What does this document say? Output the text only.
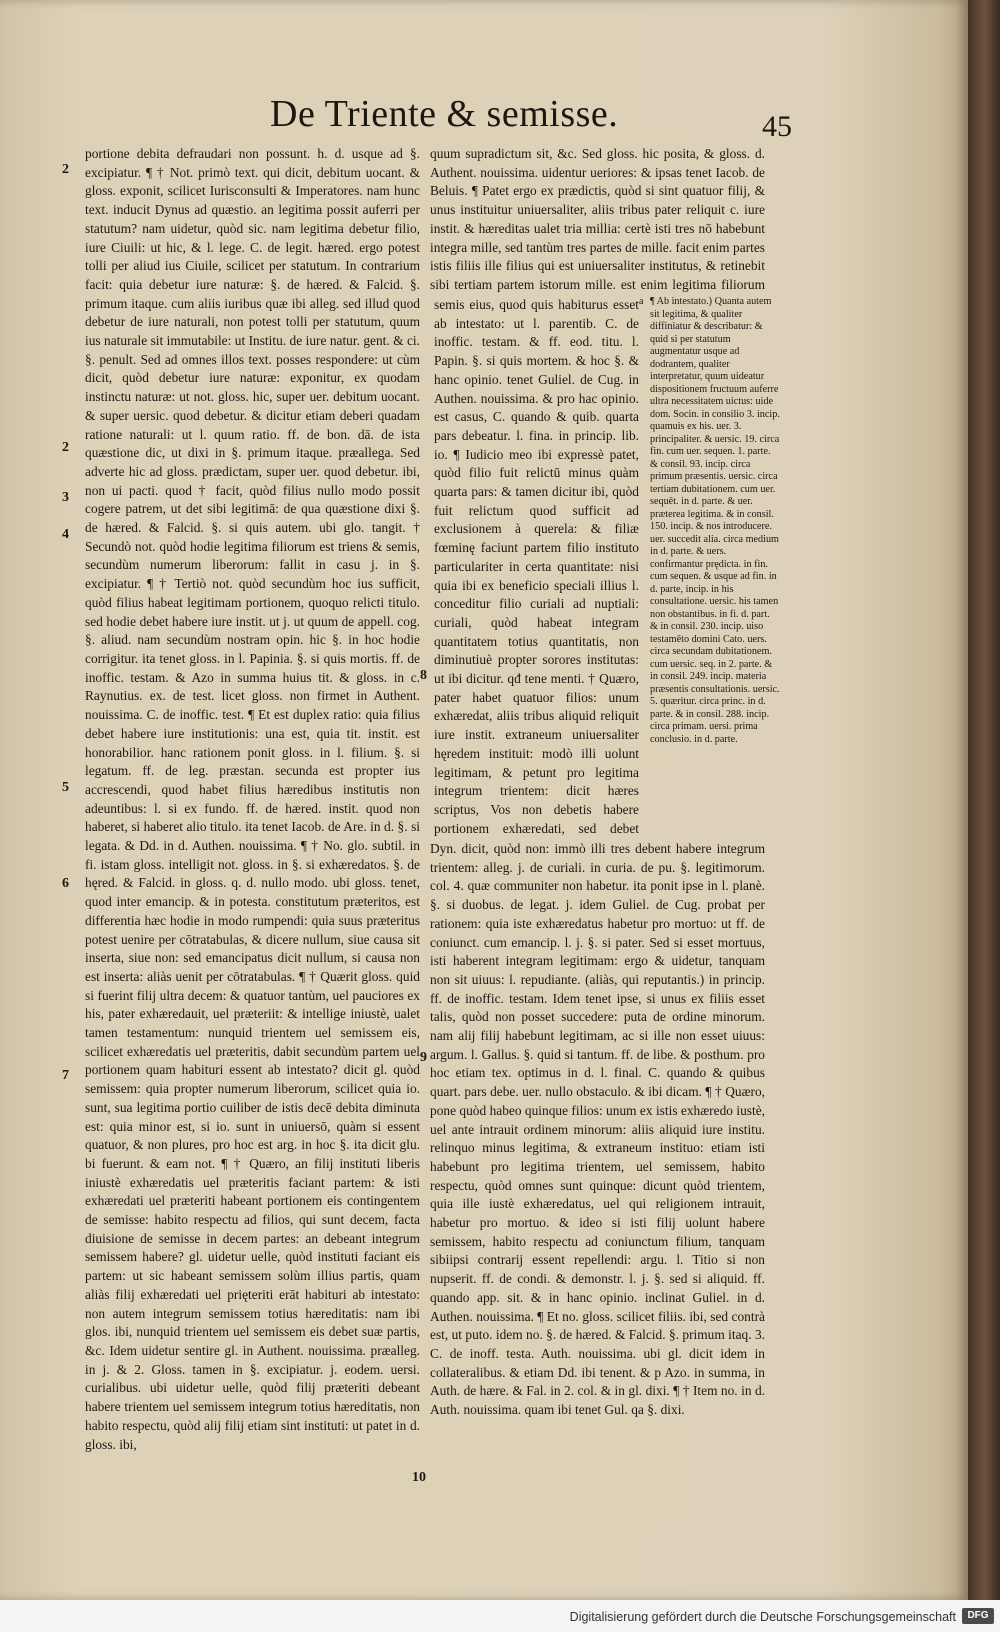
De Triente & semisse.	45

portione debita defraudari non possunt. h. d. usque ad §. excipiatur. ¶ † Not. primò text. qui dicit, debitum uocant. & gloss. exponit, scilicet Iurisconsulti & Imperatores. nam hunc text. inducit Dynus ad quæstio. an legitima possit auferri per statutum? nam uidetur, quòd sic. nam legitima debetur filio, iure Ciuili: ut hic, & l. lege. C. de legit. hæred. ergo potest tolli per aliud ius Ciuile, scilicet per statutum. In contrarium facit: quia debetur iure naturæ: §. de hæred. & Falcid. §. primum itaque. cum aliis iuribus quæ ibi alleg. sed illud quod debetur de iure naturali, non potest tolli per statutum, quum ius naturale sit immutabile: ut Institu. de iure natur. gent. & ci. §. penult. Sed ad omnes illos text. posses respondere: ut cùm dicit, quòd debetur iure naturæ: exponitur, ex quodam instinctu naturæ: ut not. gloss. hic, super uer. debitum uocant. & super uersic. quod debetur. & dicitur etiam deberi quadam ratione naturali: ut l. quum ratio. ff. de bon. dā. de ista quæstione dic, ut dixi in §. primum itaque. præallega. Sed adverte hic ad gloss. prædictam, super uer. quod debetur. ibi, non ui pacti. quod † facit, quòd filius nullo modo possit cogere patrem, ut det sibi legitimā: de qua quæstione dixi §. de hæred. & Falcid. §. si quis autem. ubi glo. tangit. † Secundò not. quòd hodie legitima filiorum est triens & semis, secundùm numerum liberorum: fallit in casu j. in §. excipiatur. ¶ † Tertiò not. quòd secundùm hoc ius sufficit, quòd filius habeat legitimam portionem, quoquo relicti titulo. sed hodie debet habere iure instit. ut j. ut quum de appell. cog. §. aliud. nam secundùm nostram opin. hic §. in hoc hodie corrigitur. ita tenet gloss. in l. Papinia. §. si quis mortis. ff. de inoffic. testam. & Azo in summa huius tit. & gloss. in c. Raynutius. ex. de test. licet gloss. non firmet in Authent. nouissima. C. de inoffic. test. ¶ Et est duplex ratio: quia filius debet habere iure institutionis: una est, quia tit. instit. est honorabilior. hanc rationem ponit gloss. in l. filium. §. si legatum. ff. de leg. præstan. secunda est propter ius accrescendi, quod habet filius hæredibus institutis non adeuntibus: l. si ex fundo. ff. de hæred. instit. quod non haberet, si haberet alio titulo. ita tenet Iacob. de Are. in d. §. si legata. & Dd. in d. Authen. nouissima. ¶ † No. glo. subtil. in fi. istam gloss. intelligit not. gloss. in §. si exhæredatos. §. de hęred. & Falcid. in gloss. q. d. nullo modo. ubi gloss. tenet, quod inter emancip. & in potesta. constitutum præteritos, est differentia hæc hodie in modo rumpendi: quia suus præteritus potest uenire per cōtratabulas, & dicere nullum, siue causa sit inserta, siue non: sed emancipatus dicit nullum, si causa non est inserta: aliàs uenit per cōtratabulas. ¶ † Quærit gloss. quid si fuerint filij ultra decem: & quatuor tantùm, uel pauciores ex his, pater exhæredauit, uel præteriit: & intellige iniustè, ualet tamen testamentum: nunquid trientem uel semissem eis, scilicet exhæredatis uel præteritis, dabit secundùm partem uel portionem quam habituri essent ab intestato? dicit gl. quòd semissem: quia propter numerum liberorum, scilicet quia io. sunt, sua legitima portio cuiliber de istis decē debita diminuta est: quia minor est, si io. sunt in uniuersō, quàm si essent quatuor, & non plures, pro hoc est arg. in hoc §. ita dicit glu. bi fuerunt. & eam not. ¶ † Quæro, an filij instituti liberis iniustè exhæredatis uel præteritis faciant partem: & isti exhæredati uel præteriti habeant portionem eis contingentem de semisse: habito respectu ad filios, qui sunt decem, facta diuisione de semisse in decem partes: an debeant integrum semissem habere? gl. uidetur uelle, quòd instituti faciant eis partem: ut sic habeant semissem solùm illius partis, quam aliàs filij exhæredati uel prięteriti erāt habituri ab intestato: non autem integrum semissem totius hæreditatis: nam ibi glos. ibi, nunquid trientem uel semissem eis debet suæ partis, &c. Idem uidetur sentire gl. in Authent. nouissima. præalleg. in j. & 2. Gloss. tamen in §. excipiatur. j. eodem. uersi. curialibus. ubi uidetur uelle, quòd filij præteriti debeant habere trientem uel semissem integrum totius hæreditatis, non habito respectu, quòd alij filij etiam sint instituti: ut patet in d. gloss. ibi,

quum supradictum sit, &c. Sed gloss. hic posita, & gloss. d. Authent. nouissima. uidentur ueriores: & ipsas tenet Iacob. de Beluis. ¶ Patet ergo ex prædictis, quòd si sint quatuor filij, & unus instituitur uniuersaliter, aliis tribus pater reliquit c. iure instit. & hæreditas ualet tria millia: certè isti tres nō habebunt integra mille, sed tantùm tres partes de mille. facit enim partes istis filiis ille filius qui est uniuersaliter institutus, & retinebit sibi tertiam partem istorum mille. est enim legitima filiorum

semis eius, quod quis habiturus esset ab intestato: ut l. parentib. C. de inoffic. testam. & ff. eod. titu. l. Papin. §. si quis mortem. & hoc §. & hanc opinio. tenet Guliel. de Cug. in Authen. nouissima. & pro hac opinio. est casus, C. quando & quib. quarta pars debeatur. l. fina. in princip. lib. io. ¶ Iudicio meo ibi expressè patet, quòd filio fuit relictū minus quàm quarta pars: & tamen dicitur ibi, quòd fuit relictum quod sufficit ad exclusionem à querela: & filiæ fœminę faciunt partem filio instituto particulariter in certa quantitate: nisi quia ibi ex beneficio speciali illius l. conceditur filio curiali ad nuptiali: curiali, quòd habeat integram quantitatem totius quantitatis, non diminutiuè propter sorores institutas: ut ibi dicitur. qđ tene menti. † Quæro, pater habet quatuor filios: unum exhæredat, aliis tribus aliquid reliquit iure instit. extraneum uniuersaliter hęredem instituit: modò illi uolunt legitimam, & petunt pro legitima integrum trientem: dicit hæres scriptus, Vos non debetis habere portionem exhæredati, sed debet

a ¶ Ab intestato.) Quanta autem sit legitima, & qualiter diffiniatur & describatur: & quid si per statutum augmentatur usque ad dodrantem, qualiter interpretatur, quum uideatur dispositionem fructuum auferre ultra necessitatem uictus: uide dom. Socin. in consilio 3. incip. quamuis ex his. uer. 3. principaliter. & uersic. 19. circa fin. cum uer. sequen. 1. parte. & consil. 93. incip. circa primum præsentis. uersic. circa tertiam dubitationem. cum uer. sequēt. in d. parte. & uer. præterea legitima. & in consil. 150. incip. & nos introducere. uer. succedit alia. circa medium in d. parte. & uers. confirmantur prędicta. in fin. cum sequen. & usque ad fin. in d. parte, incip. in his consultatione. uersic. his tamen non obstantibus. in fi. d. part. & in consil. 230. incip. uiso testamēto domini Cato. uers. circa secundam dubitationem. cum uersic. seq. in 2. parte. & in consil. 249. incip. materia præsentis consultationis. uersic. 5. quæritur. circa princ. in d. parte. & in consil. 288. incip. circa primam. uersi. prima conclusio. in d. parte.

Dyn. dicit, quòd non: immò illi tres debent habere integrum trientem: alleg. j. de curiali. in curia. de pu. §. legitimorum. col. 4. quæ communiter non habetur. ita ponit ipse in l. planè. §. si duobus. de legat. j. idem Guliel. de Cug. probat per rationem: quia iste exhæredatus habetur pro mortuo: ut ff. de coniunct. cum emancip. l. j. §. si pater. Sed si esset mortuus, isti haberent integram legitimam: ergo & uidetur, tanquam non sit uiuus: l. repudiante. (aliàs, qui reputantis.) in princip. ff. de inoffic. testam. Idem tenet ipse, si unus ex filiis esset talis, quòd non posset succedere: puta de ordine minorum. nam alij filij habebunt legitimam, ac si ille non esset uiuus: argum. l. Gallus. §. quid si tantum. ff. de libe. & posthum. pro hoc etiam tex. optimus in d. l. final. C. quando & quibus quart. pars debe. uer. nullo obstaculo. & ibi dicam. ¶ † Quæro, pone quòd habeo quinque filios: unum ex istis exhæredo iustè, uel ante intrauit ordinem minorum: aliis aliquid iure institu. relinquo minus legitima, & extraneum instituo: etiam isti habebunt pro legitima trientem, uel semissem, habito respectu, quòd omnes sunt quinque: dicunt quòd trientem, quia ille iustè exhæredatus, uel qui religionem intrauit, habetur pro mortuo. & ideo si isti filij uolunt habere semissem, habito respectu ad coniunctum filium, tanquam sibiipsi contrarij essent repellendi: argu. l. Titio si non nupserit. ff. de condi. & demonstr. l. j. §. sed si aliquid. ff. quando app. sit. & in hanc opinio. inclinat Guliel. in d. Authen. nouissima. ¶ Et no. gloss. scilicet filiis. ibi, sed contrà est, ut puto. idem no. §. de hæred. & Falcid. §. primum itaq. 3. C. de inoff. testa. Auth. nouissima. ubi gl. dicit idem in collateralibus. & etiam Dd. ibi tenent. & p Azo. in summa, in Auth. de hære. & Fal. in 2. col. & in gl. dixi. ¶ † Item no. in d. Auth. nouissima. quam ibi tenet Gul. qa §. dixi.

2
2
3
4
5
6
7
8
9
10
Digitalisierung gefördert durch die Deutsche Forschungsgemeinschaft	DFG
